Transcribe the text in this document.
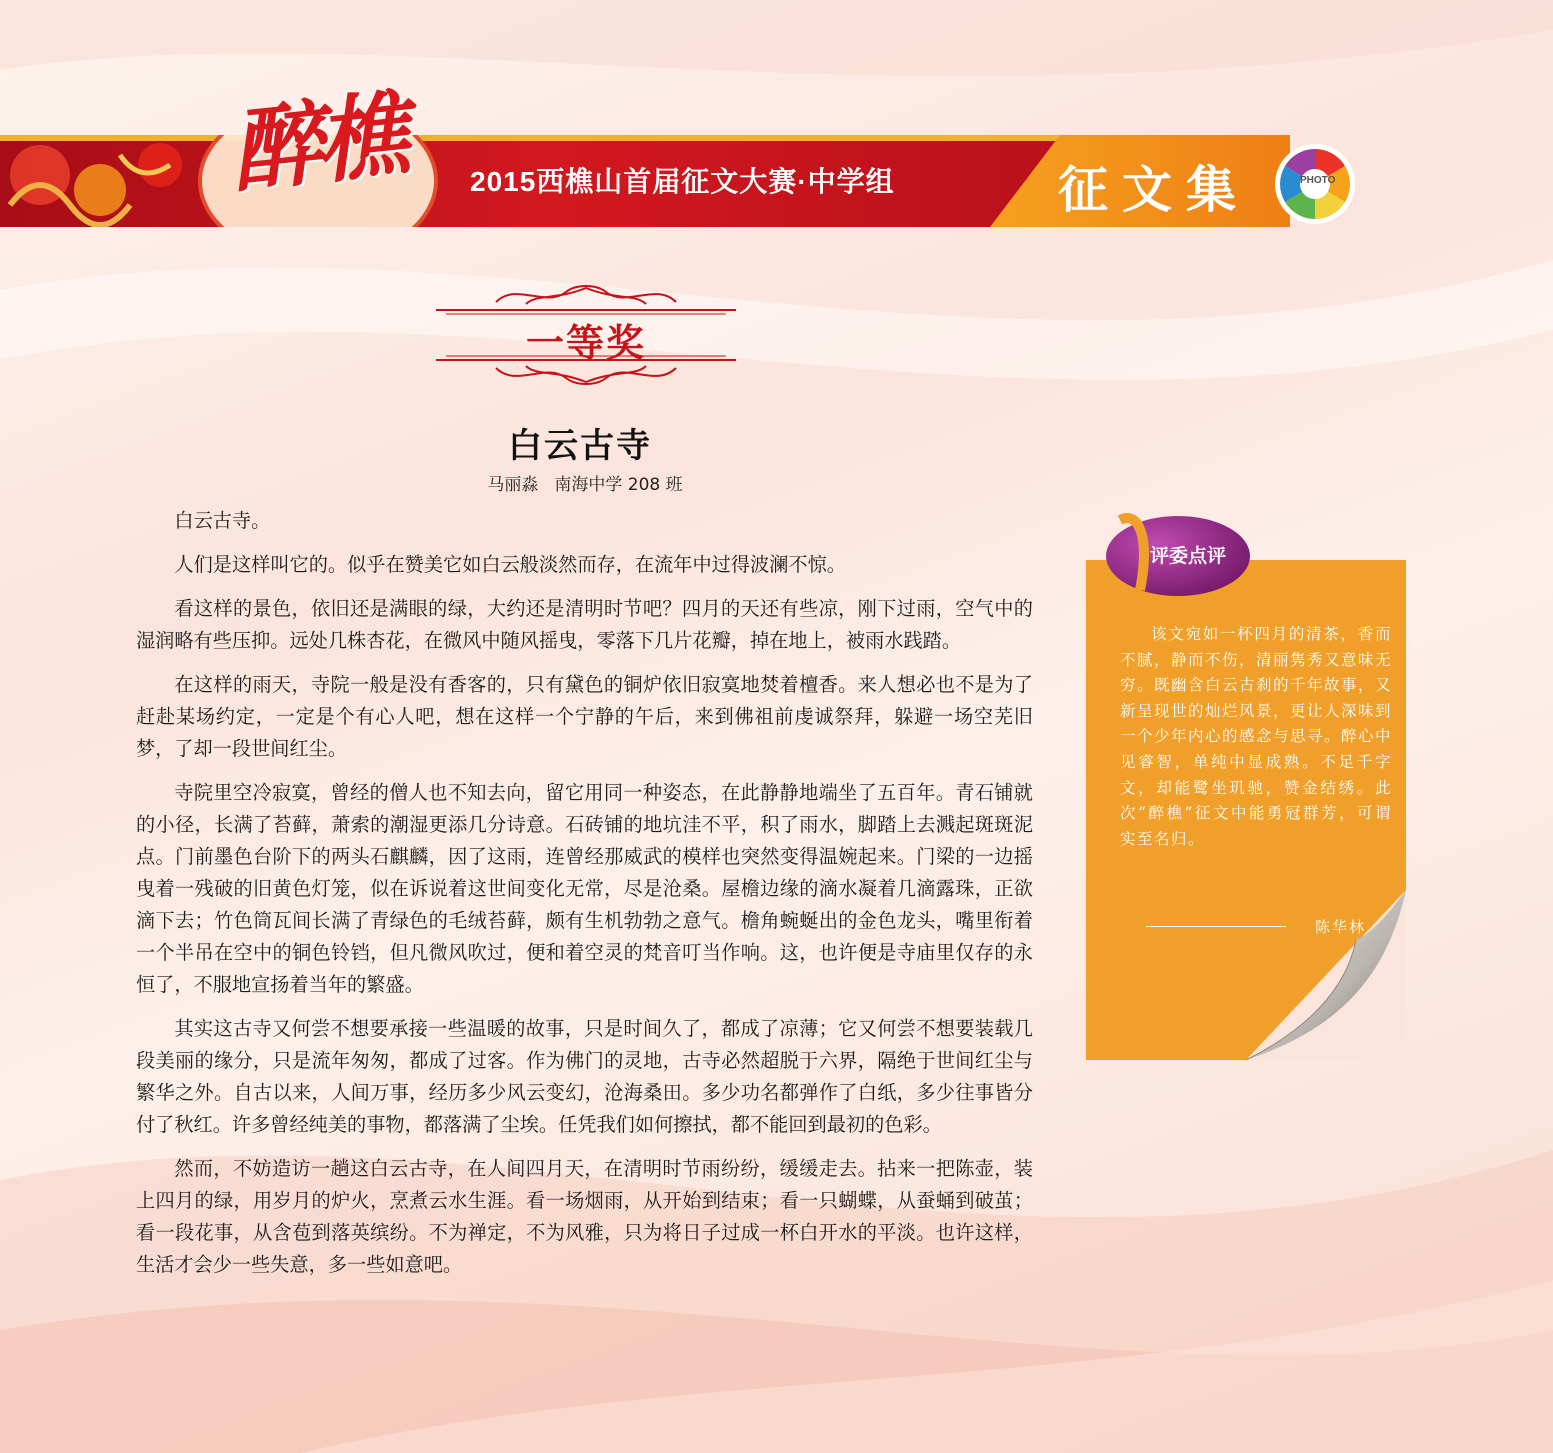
醉樵 2015西樵山首届征文大赛·中学组	征文集	PHOTO
一等奖
白云古寺
马丽淼 南海中学 208 班

白云古寺。

人们是这样叫它的。似乎在赞美它如白云般淡然而存，在流年中过得波澜不惊。

看这样的景色，依旧还是满眼的绿，大约还是清明时节吧？四月的天还有些凉，刚下过雨，空气中的湿润略有些压抑。远处几株杏花，在微风中随风摇曳，零落下几片花瓣，掉在地上，被雨水践踏。

在这样的雨天，寺院一般是没有香客的，只有黛色的铜炉依旧寂寞地焚着檀香。来人想必也不是为了赶赴某场约定，一定是个有心人吧，想在这样一个宁静的午后，来到佛祖前虔诚祭拜，躲避一场空芜旧梦，了却一段世间红尘。

寺院里空冷寂寞，曾经的僧人也不知去向，留它用同一种姿态，在此静静地端坐了五百年。青石铺就的小径，长满了苔藓，萧索的潮湿更添几分诗意。石砖铺的地坑洼不平，积了雨水，脚踏上去溅起斑斑泥点。门前墨色台阶下的两头石麒麟，因了这雨，连曾经那威武的模样也突然变得温婉起来。门梁的一边摇曳着一残破的旧黄色灯笼，似在诉说着这世间变化无常，尽是沧桑。屋檐边缘的滴水凝着几滴露珠，正欲滴下去；竹色筒瓦间长满了青绿色的毛绒苔藓，颇有生机勃勃之意气。檐角蜿蜒出的金色龙头，嘴里衔着一个半吊在空中的铜色铃铛，但凡微风吹过，便和着空灵的梵音叮当作响。这，也许便是寺庙里仅存的永恒了，不服地宣扬着当年的繁盛。

其实这古寺又何尝不想要承接一些温暖的故事，只是时间久了，都成了凉薄；它又何尝不想要装载几段美丽的缘分，只是流年匆匆，都成了过客。作为佛门的灵地，古寺必然超脱于六界，隔绝于世间红尘与繁华之外。自古以来，人间万事，经历多少风云变幻，沧海桑田。多少功名都弹作了白纸，多少往事皆分付了秋红。许多曾经纯美的事物，都落满了尘埃。任凭我们如何擦拭，都不能回到最初的色彩。

然而，不妨造访一趟这白云古寺，在人间四月天，在清明时节雨纷纷，缓缓走去。拈来一把陈壶，装上四月的绿，用岁月的炉火，烹煮云水生涯。看一场烟雨，从开始到结束；看一只蝴蝶，从蚕蛹到破茧；看一段花事，从含苞到落英缤纷。不为禅定，不为风雅，只为将日子过成一杯白开水的平淡。也许这样，生活才会少一些失意，多一些如意吧。

该文宛如一杯四月的清茶，香而不腻，静而不伤，清丽隽秀又意味无穷。既幽含白云古刹的千年故事，又新呈现世的灿烂风景，更让人深味到一个少年内心的感念与思寻。醉心中见睿智，单纯中显成熟。不足千字文，却能鹭坐玑驰，赞金结绣。此次“醉樵”征文中能勇冠群芳，可谓实至名归。
陈华林
评委点评
